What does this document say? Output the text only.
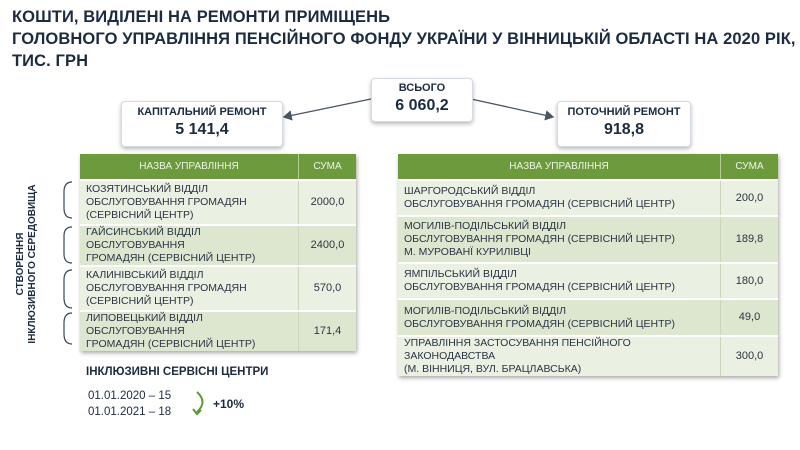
КОШТИ, ВИДІЛЕНІ НА РЕМОНТИ ПРИМІЩЕНЬ
ГОЛОВНОГО УПРАВЛІННЯ ПЕНСІЙНОГО ФОНДУ УКРАЇНИ У ВІННИЦЬКІЙ ОБЛАСТІ НА 2020 РІК,
ТИС. ГРН
ВСЬОГО
6 060,2
КАПІТАЛЬНИЙ РЕМОНТ
5 141,4
ПОТОЧНИЙ РЕМОНТ
918,8
СТВОРЕННЯ ІНКЛЮЗИВНОГО СЕРЕДОВИЩА
НАЗВА УПРАВЛІННЯ	СУМА

КОЗЯТИНСЬКИЙ ВІДДІЛ
ОБСЛУГОВУВАННЯ ГРОМАДЯН
(СЕРВІСНИЙ ЦЕНТР)	2000,0

ГАЙСИНСЬКИЙ ВІДДІЛ ОБСЛУГОВУВАННЯ
ГРОМАДЯН (СЕРВІСНИЙ ЦЕНТР)	2400,0

КАЛИНІВСЬКИЙ ВІДДІЛ
ОБСЛУГОВУВАННЯ ГРОМАДЯН
(СЕРВІСНИЙ ЦЕНТР)	570,0

ЛИПОВЕЦЬКИЙ ВІДДІЛ ОБСЛУГОВУВАННЯ
ГРОМАДЯН (СЕРВІСНИЙ ЦЕНТР)	171,4
НАЗВА УПРАВЛІННЯ	СУМА

ШАРГОРОДСЬКИЙ ВІДДІЛ
ОБСЛУГОВУВАННЯ ГРОМАДЯН (СЕРВІСНИЙ ЦЕНТР)	200,0

МОГИЛІВ-ПОДІЛЬСЬКИЙ ВІДДІЛ
ОБСЛУГОВУВАННЯ ГРОМАДЯН (СЕРВІСНИЙ ЦЕНТР)
М. МУРОВАНЇ КУРИЛІВЦІ	189,8

ЯМПІЛЬСЬКИЙ ВІДДІЛ
ОБСЛУГОВУВАННЯ ГРОМАДЯН (СЕРВІСНИЙ ЦЕНТР)	180,0

МОГИЛІВ-ПОДІЛЬСЬКИЙ ВІДДІЛ
ОБСЛУГОВУВАННЯ ГРОМАДЯН (СЕРВІСНИЙ ЦЕНТР)	49,0

УПРАВЛІННЯ ЗАСТОСУВАННЯ ПЕНСІЙНОГО ЗАКОНОДАВСТВА
(М. ВІННИЦЯ, ВУЛ. БРАЦЛАВСЬКА)	300,0
ІНКЛЮЗИВНІ СЕРВІСНІ ЦЕНТРИ
01.01.2020 – 15
01.01.2021 – 18
+10%
